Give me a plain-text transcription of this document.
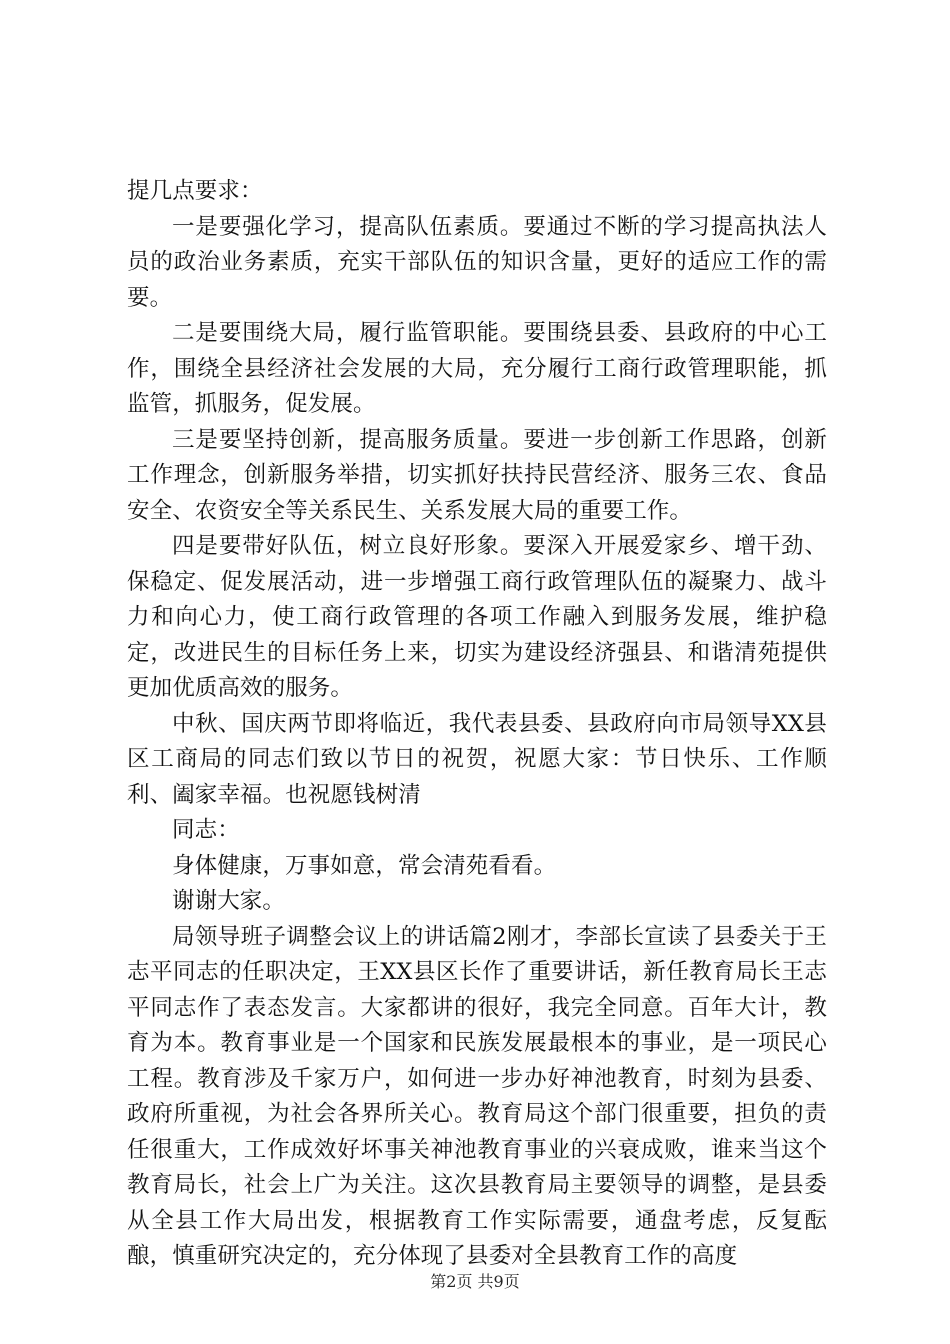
提几点要求：

一是要强化学习，提高队伍素质。要通过不断的学习提高执法人员的政治业务素质，充实干部队伍的知识含量，更好的适应工作的需要。

二是要围绕大局，履行监管职能。要围绕县委、县政府的中心工作，围绕全县经济社会发展的大局，充分履行工商行政管理职能，抓监管，抓服务，促发展。

三是要坚持创新，提高服务质量。要进一步创新工作思路，创新工作理念，创新服务举措，切实抓好扶持民营经济、服务三农、食品安全、农资安全等关系民生、关系发展大局的重要工作。

四是要带好队伍，树立良好形象。要深入开展爱家乡、增干劲、保稳定、促发展活动，进一步增强工商行政管理队伍的凝聚力、战斗力和向心力，使工商行政管理的各项工作融入到服务发展，维护稳定，改进民生的目标任务上来，切实为建设经济强县、和谐清苑提供更加优质高效的服务。

中秋、国庆两节即将临近，我代表县委、县政府向市局领导XX县区工商局的同志们致以节日的祝贺，祝愿大家：节日快乐、工作顺利、阖家幸福。也祝愿钱树清

同志：

身体健康，万事如意，常会清苑看看。

谢谢大家。

局领导班子调整会议上的讲话篇2刚才，李部长宣读了县委关于王志平同志的任职决定，王XX县区长作了重要讲话，新任教育局长王志平同志作了表态发言。大家都讲的很好，我完全同意。百年大计，教育为本。教育事业是一个国家和民族发展最根本的事业，是一项民心工程。教育涉及千家万户，如何进一步办好神池教育，时刻为县委、政府所重视，为社会各界所关心。教育局这个部门很重要，担负的责任很重大，工作成效好坏事关神池教育事业的兴衰成败，谁来当这个教育局长，社会上广为关注。这次县教育局主要领导的调整，是县委从全县工作大局出发，根据教育工作实际需要，通盘考虑，反复酝酿，慎重研究决定的，充分体现了县委对全县教育工作的高度

第2页 共9页
